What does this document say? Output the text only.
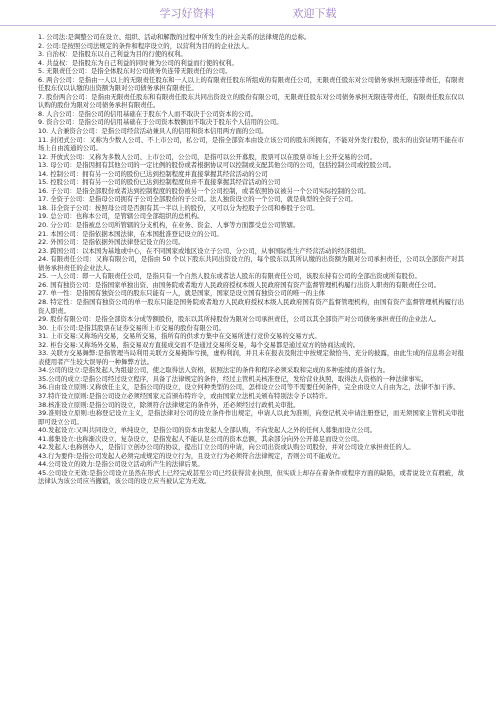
学习好资料	欢迎下载

1. 公司法:是调整公司在设立、组织、活动和解散的过程中所发生的社会关系的法律规范的总称。

2. 公司:是按照公司法规定的条件和程序设立的，以营利为目的的企业法人。

3. 自治权：是指股东以自己利益为目的行使的权利。

4. 共益权：是指股东为自己利益的同时兼为公司的利益而行使的权利。

5. 无限责任公司：是指全体股东对公司债务负连带无限责任的公司。

6. 两合公司：是指由一人以上的无限责任股东和一人以上的有限责任股东所组成的有限责任公司，无限责任股东对公司债务承担无限连带责任，有限责任股东仅以认缴的出资额为限对公司债务承担有限责任。

7. 股份两合公司：是指由无限责任股东和有限责任股东共同出资设立的股份有限公司，无限责任股东对公司债务承担无限连带责任，有限责任股东仅以认购的股份为限对公司债务承担有限责任。

8. 人合公司：是指公司的信用基础在于股东个人而不取决于公司资本的公司。

9. 资合公司：是指公司的信用基础在于公司资本数额而不取决于股东个人信用的公司。

10. 人合兼资合公司：是指公司经营活动兼具人的信用和资本信用两方面的公司。

11. 封闭式公司：又称为少数人公司、不上市公司，私公司，是指全部资本由设立该公司的股东所拥有，不能对外发行股份，股东的出资证明不能在市场上自由流通的公司。

12. 开放式公司：又称为多数人公司、上市公司，公公司，是指可以公开募股，股票可以在股票市场上公开交易的公司。

13. 母公司：是指因拥有其他公司的一定比例的股份或者根据协议可以控制或支配其他公司的公司，包括控制公司或控股公司。

14. 控制公司：拥有另一公司的股份已达到控制程度并直接掌握其经营活动的公司

15. 控股公司：拥有另一公司的股份已达到控制程度但并不直接掌握其经营活动的公司

16. 子公司：是指全部股份或者达到控制程度的股份被另一个公司控制，或者依照协议被另一个公司实际控制的公司。

17. 全资子公司：是指母公司拥有子公司全部股份的子公司。法人独资设立的一个公司，就是典型的全资子公司。

18. 非全资子公司：按照母公司是否拥有其一半以上的股份，又可以分为控股子公司和参股子公司。

19. 总公司：也称本公司，是管辖公司全部组织的总机构。

20. 分公司：是指被总公司所管辖的分支机构，在业务、资金、人事等方面都受总公司管辖。

21. 本国公司：是指依据本国法律，在本国批准登记设立的公司。

22. 外国公司：是指依据外国法律登记设立的公司。

23. 跨国公司：以本国为基地或中心，在不同国家或地区设立子公司、分公司，从事国际性生产经营活动的经济组织。

24. 有限责任公司：又称有限公司，是指由 50 个以下股东共同出资设立的，每个股东以其所认缴的出资额为限对公司承担责任，公司以全部资产对其债务承担责任的企业法人。

25. 一人公司：即一人有限责任公司，是指只有一个自然人股东或者法人股东的有限责任公司，该股东持有公司的全部出资或所有股份。

26. 国有独资公司：是指国家单独出资、由国务院或者地方人民政府授权本级人民政府国有资产监督管理机构履行出资人职责的有限责任公司。

27. 单一性：是指国有独资公司的股东只能有一人，就是国家，国家是设立国有独资公司的唯一的主体

28. 特定性：是指国有独资公司的单一股东只能是国务院或者地方人民政府授权本级人民政府国有资产监督管理机构，由国有资产监督管理机构履行出资人职责。

29. 股份有限公司：是指全部资本分成等额股份，股东以其所持股份为限对公司承担责任，公司以其全部资产对公司债务承担责任的企业法人。

30. 上市公司:是指其股票在证券交易所上市交易的股份有限公司。

31. 上市交易:又称场内交易，交易所交易，指所有的供求方集中在交易所进行竞价交易的交易方式。

32. 柜台交易:又称场外交易，指交易双方直接成交而不是通过交易所交易，每个交易都是通过双方的协商达成的。

33. 关联方交易舞弊:是指管理当局利用关联方交易掩饰亏损，虚构利润，并且未在报表及附注中按规定做恰当、充分的披露，由此生成的信息将会对报表使用者产生较大误导的一种舞弊方法。

34.公司的设立:是指发起人为组建公司，使之取得法人资格，依照法定的条件和程序必须采取和完成的多种连续的准备行为。

35.公司的成立:是指公司经过设立程序，具备了法律规定的条件，经过主管机关核准登记，发给营业执照，取得法人资格的一种法律事实。

36.自由设立原则:又称放任主义，是指公司的设立，设立何种类型的公司，怎样设立公司等不需要任何条件，完全由设立人自由为之，法律不加干涉。

37.特许设立原则:是指公司设立必须经国家元首颁布特许令，或由国家立法机关颁布特别法令予以特许。

38.核准设立原则:是指公司的设立，除须符合法律规定的条件外，还必须经过行政机关审批。

39.准则设立原则:也称登记设立主义，是指法律对公司的设立条件作出规定，申请人以此为准则，向登记机关申请注册登记，而无须国家主管机关审批即可设立公司。

40.发起设立:又叫共同设立，单纯设立，是指公司的资本由发起人全部认购，不向发起人之外的任何人募集而设立公司。

41.募集设立:也称渐次设立、复杂设立，是指发起人不能认足公司的资本总额，其余部分向外公开募足而设立公司。

42.发起人:也称创办人，是指订立创办公司的协议，提出订立公司的申请，向公司出资或认购公司股份，并对公司设立承担责任的人。

43.行为要件:是指公司发起人必须完成规定的设立行为，且设立行为必须符合法律规定，否则公司不能成立。

44.公司设立的效力:是指公司设立活动所产生的法律后果。

45.公司设立无效:是指公司设立虽然在形式上已经完成甚至公司已经获得营业执照，但实质上却存在着条件或程序方面的缺陷，或者说设立有瑕疵，故法律认为该公司应当撤销，该公司的设立应当被认定为无效。
